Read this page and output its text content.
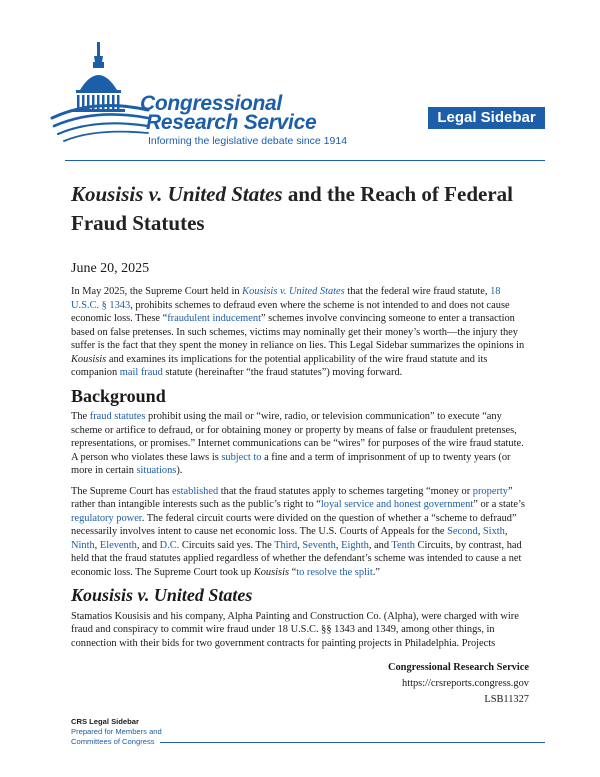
Congressional
Research Service
Informing the legislative debate since 1914
Legal Sidebar
Kousisis v. United States and the Reach of Federal Fraud Statutes
June 20, 2025

In May 2025, the Supreme Court held in Kousisis v. United States that the federal wire fraud statute, 18 U.S.C. § 1343, prohibits schemes to defraud even where the scheme is not intended to and does not cause economic loss. These “fraudulent inducement” schemes involve convincing someone to enter a transaction based on false pretenses. In such schemes, victims may nominally get their money’s worth—the injury they suffer is the fact that they spent the money in reliance on lies. This Legal Sidebar summarizes the opinions in Kousisis and examines its implications for the potential applicability of the wire fraud statute and its companion mail fraud statute (hereinafter “the fraud statutes”) moving forward.

Background

The fraud statutes prohibit using the mail or “wire, radio, or television communication” to execute “any scheme or artifice to defraud, or for obtaining money or property by means of false or fraudulent pretenses, representations, or promises.” Internet communications can be “wires” for purposes of the wire fraud statute. A person who violates these laws is subject to a fine and a term of imprisonment of up to twenty years (or more in certain situations).

The Supreme Court has established that the fraud statutes apply to schemes targeting “money or property” rather than intangible interests such as the public’s right to “loyal service and honest government” or a state’s regulatory power. The federal circuit courts were divided on the question of whether a “scheme to defraud” necessarily involves intent to cause net economic loss. The U.S. Courts of Appeals for the Second, Sixth, Ninth, Eleventh, and D.C. Circuits said yes. The Third, Seventh, Eighth, and Tenth Circuits, by contrast, had held that the fraud statutes applied regardless of whether the defendant’s scheme was intended to cause a net economic loss. The Supreme Court took up Kousisis “to resolve the split.”

Kousisis v. United States

Stamatios Kousisis and his company, Alpha Painting and Construction Co. (Alpha), were charged with wire fraud and conspiracy to commit wire fraud under 18 U.S.C. §§ 1343 and 1349, among other things, in connection with their bids for two government contracts for painting projects in Philadelphia. Projects

Congressional Research Service
https://crsreports.congress.gov
LSB11327
CRS Legal Sidebar
Prepared for Members and
Committees of Congress
